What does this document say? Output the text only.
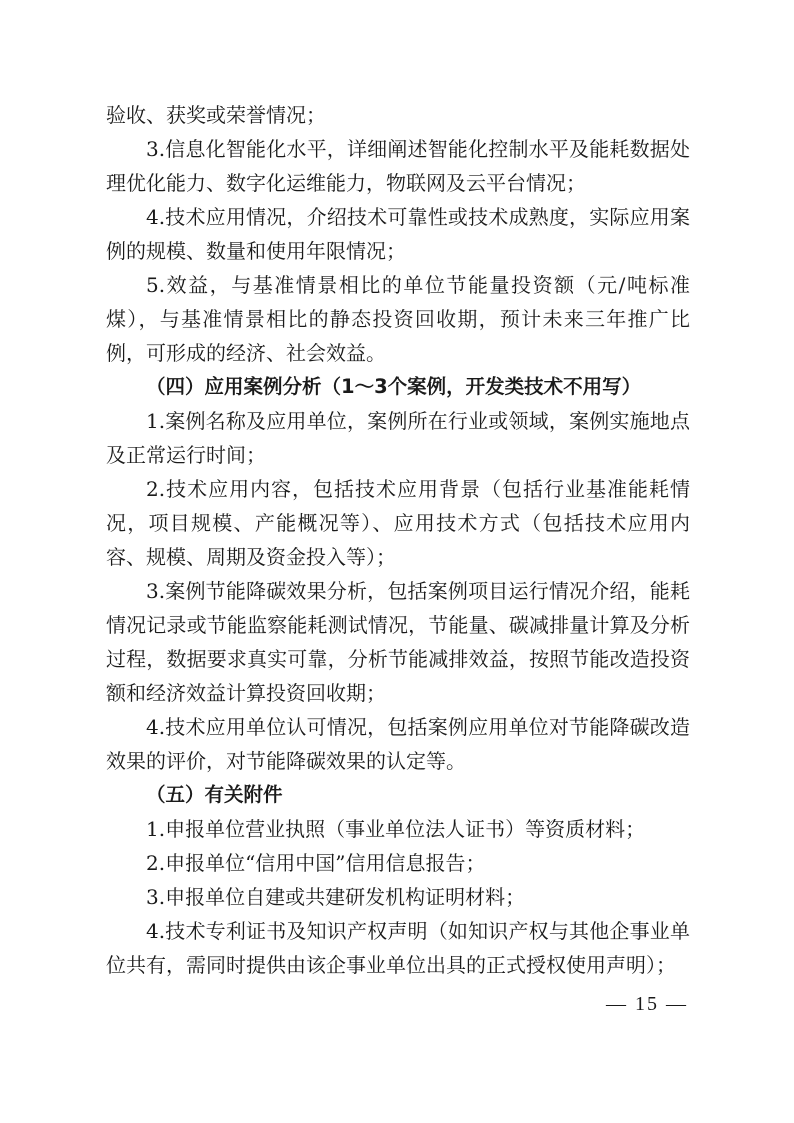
验收、获奖或荣誉情况；

3.信息化智能化水平，详细阐述智能化控制水平及能耗数据处理优化能力、数字化运维能力，物联网及云平台情况；

4.技术应用情况，介绍技术可靠性或技术成熟度，实际应用案例的规模、数量和使用年限情况；

5.效益，与基准情景相比的单位节能量投资额（元/吨标准煤），与基准情景相比的静态投资回收期，预计未来三年推广比例，可形成的经济、社会效益。

（四）应用案例分析（1～3个案例，开发类技术不用写）

1.案例名称及应用单位，案例所在行业或领域，案例实施地点及正常运行时间；

2.技术应用内容，包括技术应用背景（包括行业基准能耗情况，项目规模、产能概况等）、应用技术方式（包括技术应用内容、规模、周期及资金投入等）；

3.案例节能降碳效果分析，包括案例项目运行情况介绍，能耗情况记录或节能监察能耗测试情况，节能量、碳减排量计算及分析过程，数据要求真实可靠，分析节能减排效益，按照节能改造投资额和经济效益计算投资回收期；

4.技术应用单位认可情况，包括案例应用单位对节能降碳改造效果的评价，对节能降碳效果的认定等。

（五）有关附件

1.申报单位营业执照（事业单位法人证书）等资质材料；

2.申报单位“信用中国”信用信息报告；

3.申报单位自建或共建研发机构证明材料；

4.技术专利证书及知识产权声明（如知识产权与其他企事业单位共有，需同时提供由该企事业单位出具的正式授权使用声明）；

— 15 —
